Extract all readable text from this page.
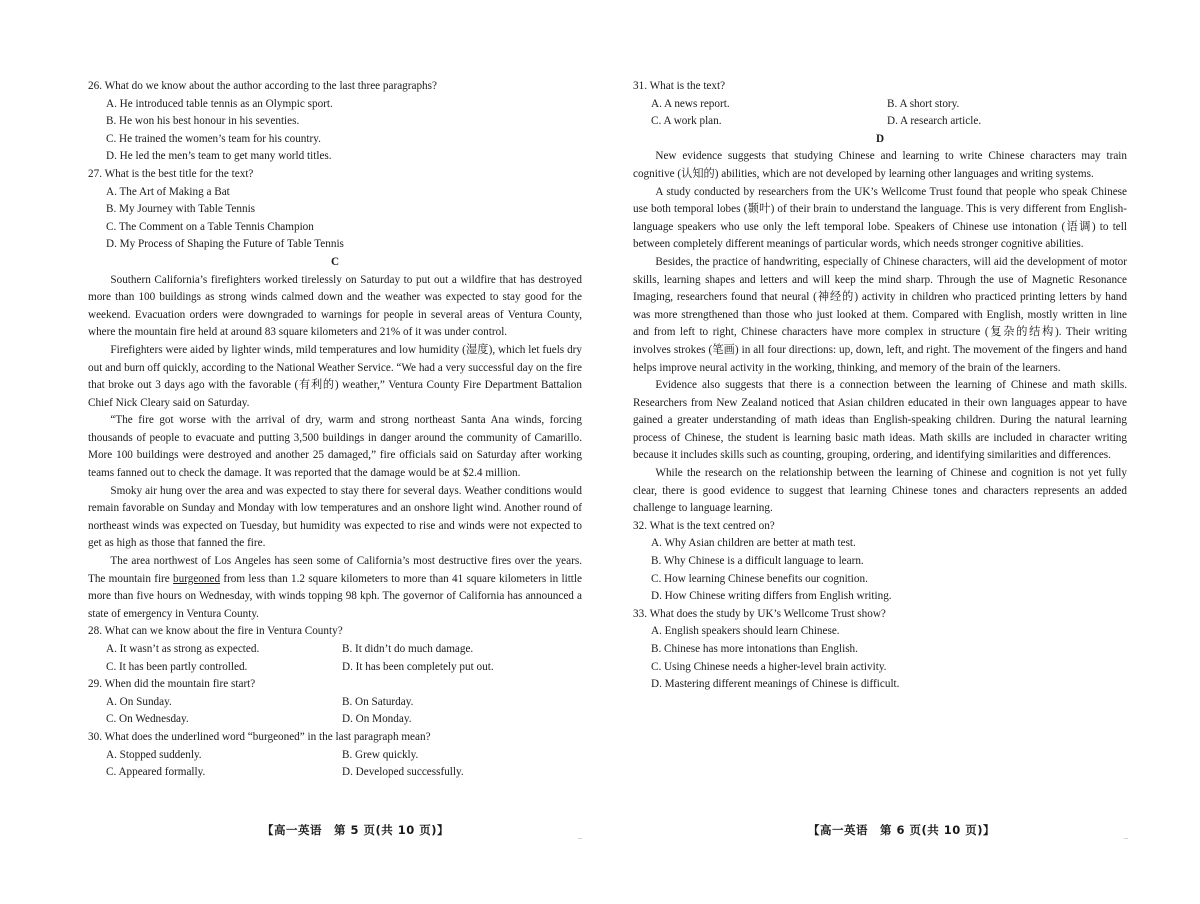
26. What do we know about the author according to the last three paragraphs?

A. He introduced table tennis as an Olympic sport.

B. He won his best honour in his seventies.

C. He trained the women’s team for his country.

D. He led the men’s team to get many world titles.

27. What is the best title for the text?

A. The Art of Making a Bat

B. My Journey with Table Tennis

C. The Comment on a Table Tennis Champion

D. My Process of Shaping the Future of Table Tennis

C

Southern California’s firefighters worked tirelessly on Saturday to put out a wildfire that has destroyed more than 100 buildings as strong winds calmed down and the weather was expected to stay good for the weekend. Evacuation orders were downgraded to warnings for people in several areas of Ventura County, where the mountain fire held at around 83 square kilometers and 21% of it was under control.

Firefighters were aided by lighter winds, mild temperatures and low humidity (湿度), which let fuels dry out and burn off quickly, according to the National Weather Service. “We had a very successful day on the fire that broke out 3 days ago with the favorable (有利的) weather,” Ventura County Fire Department Battalion Chief Nick Cleary said on Saturday.

“The fire got worse with the arrival of dry, warm and strong northeast Santa Ana winds, forcing thousands of people to evacuate and putting 3,500 buildings in danger around the community of Camarillo. More 100 buildings were destroyed and another 25 damaged,” fire officials said on Saturday after working teams fanned out to check the damage. It was reported that the damage would be at $2.4 million.

Smoky air hung over the area and was expected to stay there for several days. Weather conditions would remain favorable on Sunday and Monday with low temperatures and an onshore light wind. Another round of northeast winds was expected on Tuesday, but humidity was expected to rise and winds were not expected to get as high as those that fanned the fire.

The area northwest of Los Angeles has seen some of California’s most destructive fires over the years. The mountain fire burgeoned from less than 1.2 square kilometers to more than 41 square kilometers in little more than five hours on Wednesday, with winds topping 98 kph. The governor of California has announced a state of emergency in Ventura County.

28. What can we know about the fire in Ventura County?

A. It wasn’t as strong as expected.	B. It didn’t do much damage.
C. It has been partly controlled.	D. It has been completely put out.

29. When did the mountain fire start?

A. On Sunday.	B. On Saturday.
C. On Wednesday.	D. On Monday.

30. What does the underlined word “burgeoned” in the last paragraph mean?

A. Stopped suddenly.	B. Grew quickly.
C. Appeared formally.	D. Developed successfully.
【高一英语　第 5 页(共 10 页)】	..

31. What is the text?

A. A news report.	B. A short story.
C. A work plan.	D. A research article.

D

New evidence suggests that studying Chinese and learning to write Chinese characters may train cognitive (认知的) abilities, which are not developed by learning other languages and writing systems.

A study conducted by researchers from the UK’s Wellcome Trust found that people who speak Chinese use both temporal lobes (颞叶) of their brain to understand the language. This is very different from English-language speakers who use only the left temporal lobe. Speakers of Chinese use intonation (语调) to tell between completely different meanings of particular words, which needs stronger cognitive abilities.

Besides, the practice of handwriting, especially of Chinese characters, will aid the development of motor skills, learning shapes and letters and will keep the mind sharp. Through the use of Magnetic Resonance Imaging, researchers found that neural (神经的) activity in children who practiced printing letters by hand was more strengthened than those who just looked at them. Compared with English, mostly written in line and from left to right, Chinese characters have more complex in structure (复杂的结构). Their writing involves strokes (笔画) in all four directions: up, down, left, and right. The movement of the fingers and hand helps improve neural activity in the working, thinking, and memory of the brain of the learners.

Evidence also suggests that there is a connection between the learning of Chinese and math skills. Researchers from New Zealand noticed that Asian children educated in their own languages appear to have gained a greater understanding of math ideas than English-speaking children. During the natural learning process of Chinese, the student is learning basic math ideas. Math skills are included in character writing because it includes skills such as counting, grouping, ordering, and identifying similarities and differences.

While the research on the relationship between the learning of Chinese and cognition is not yet fully clear, there is good evidence to suggest that learning Chinese tones and characters represents an added challenge to language learning.

32. What is the text centred on?

A. Why Asian children are better at math test.

B. Why Chinese is a difficult language to learn.

C. How learning Chinese benefits our cognition.

D. How Chinese writing differs from English writing.

33. What does the study by UK’s Wellcome Trust show?

A. English speakers should learn Chinese.

B. Chinese has more intonations than English.

C. Using Chinese needs a higher-level brain activity.

D. Mastering different meanings of Chinese is difficult.

【高一英语　第 6 页(共 10 页)】	..
